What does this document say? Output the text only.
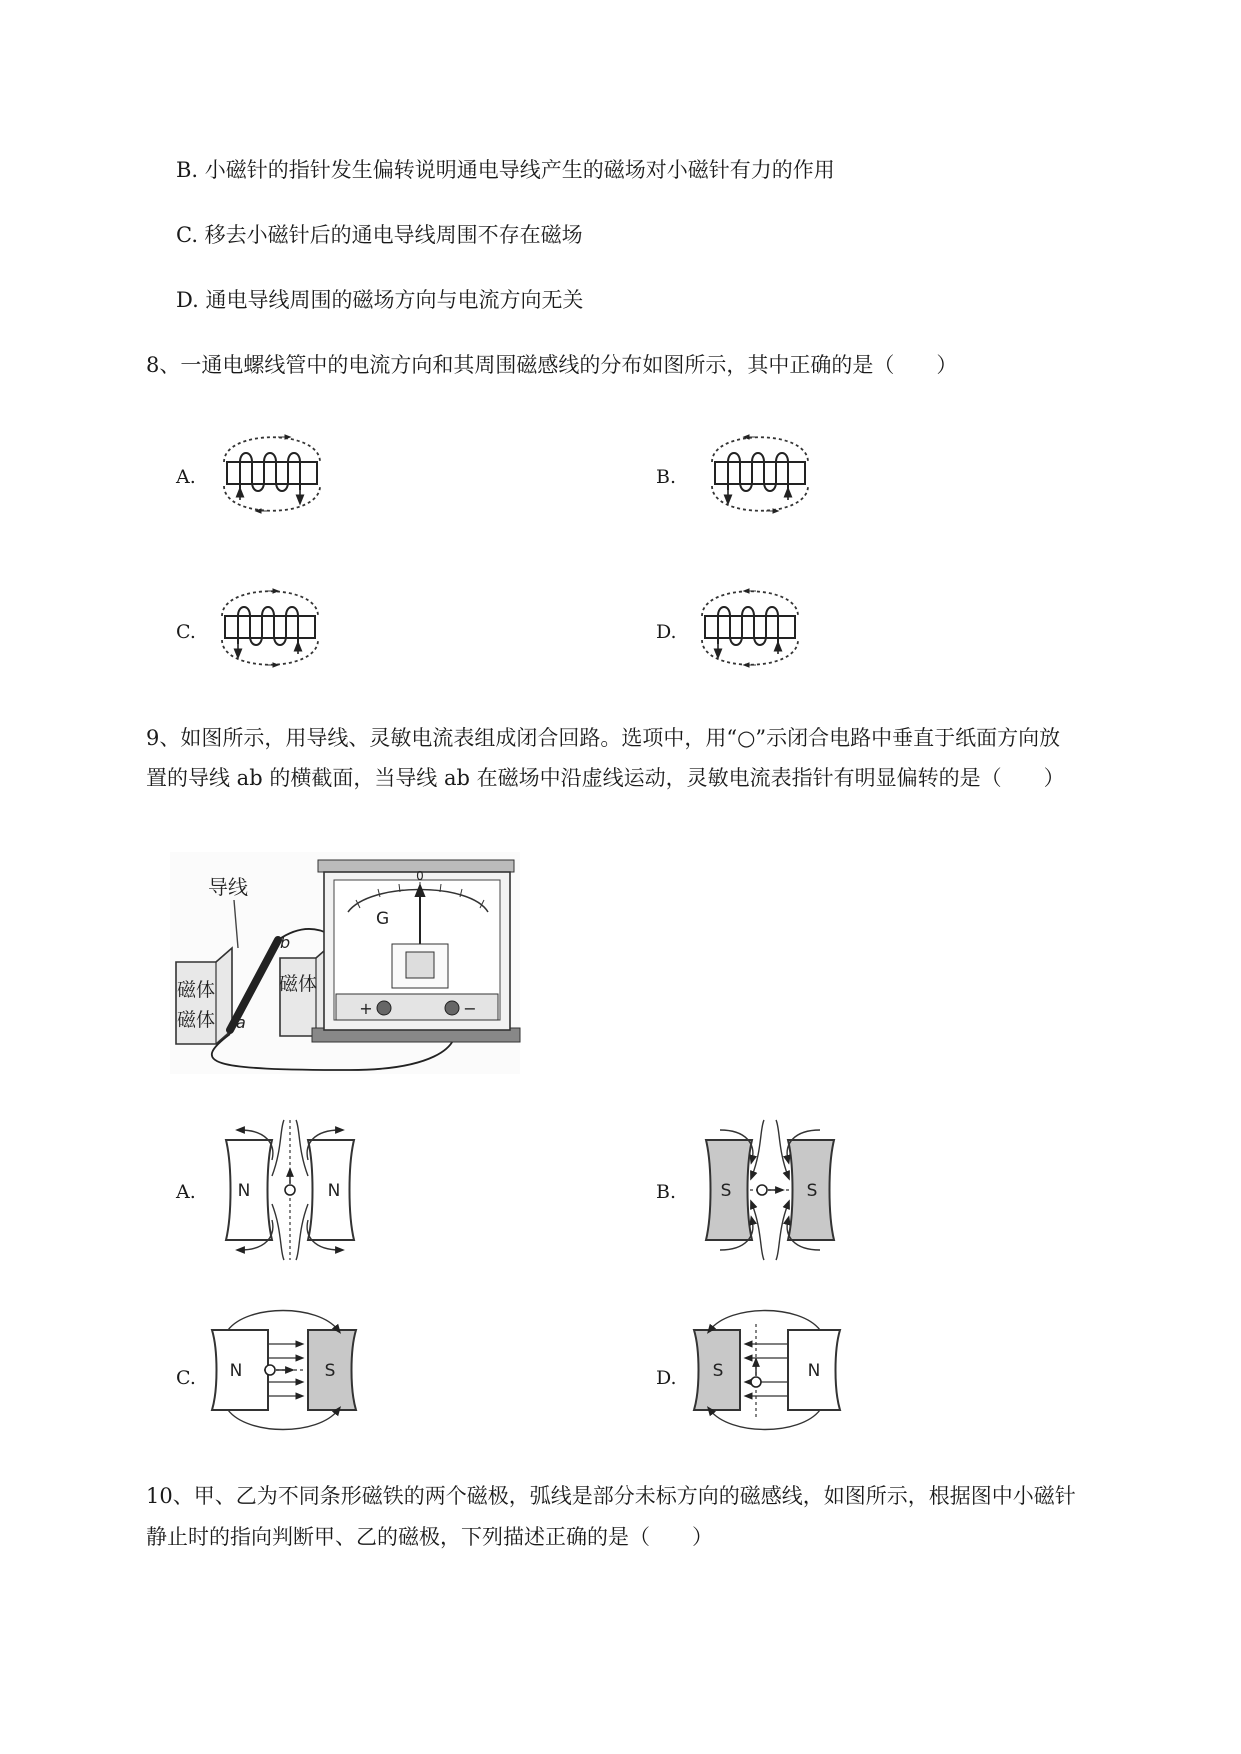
B. 小磁针的指针发生偏转说明通电导线产生的磁场对小磁针有力的作用
C. 移去小磁针后的通电导线周围不存在磁场
D. 通电导线周围的磁场方向与电流方向无关
8、一通电螺线管中的电流方向和其周围磁感线的分布如图所示，其中正确的是（　　）
A.	B.
C.	D.
9、如图所示，用导线、灵敏电流表组成闭合回路。选项中，用“○”示闭合电路中垂直于纸面方向放
置的导线 ab 的横截面，当导线 ab 在磁场中沿虚线运动，灵敏电流表指针有明显偏转的是（　　）
导线
磁体	磁体
a
b
0
G
+	−
磁体
A.	B.
C.	D.
N	N	S	S
N	S	S	N
10、甲、乙为不同条形磁铁的两个磁极，弧线是部分未标方向的磁感线，如图所示，根据图中小磁针
静止时的指向判断甲、乙的磁极，下列描述正确的是（　　）
